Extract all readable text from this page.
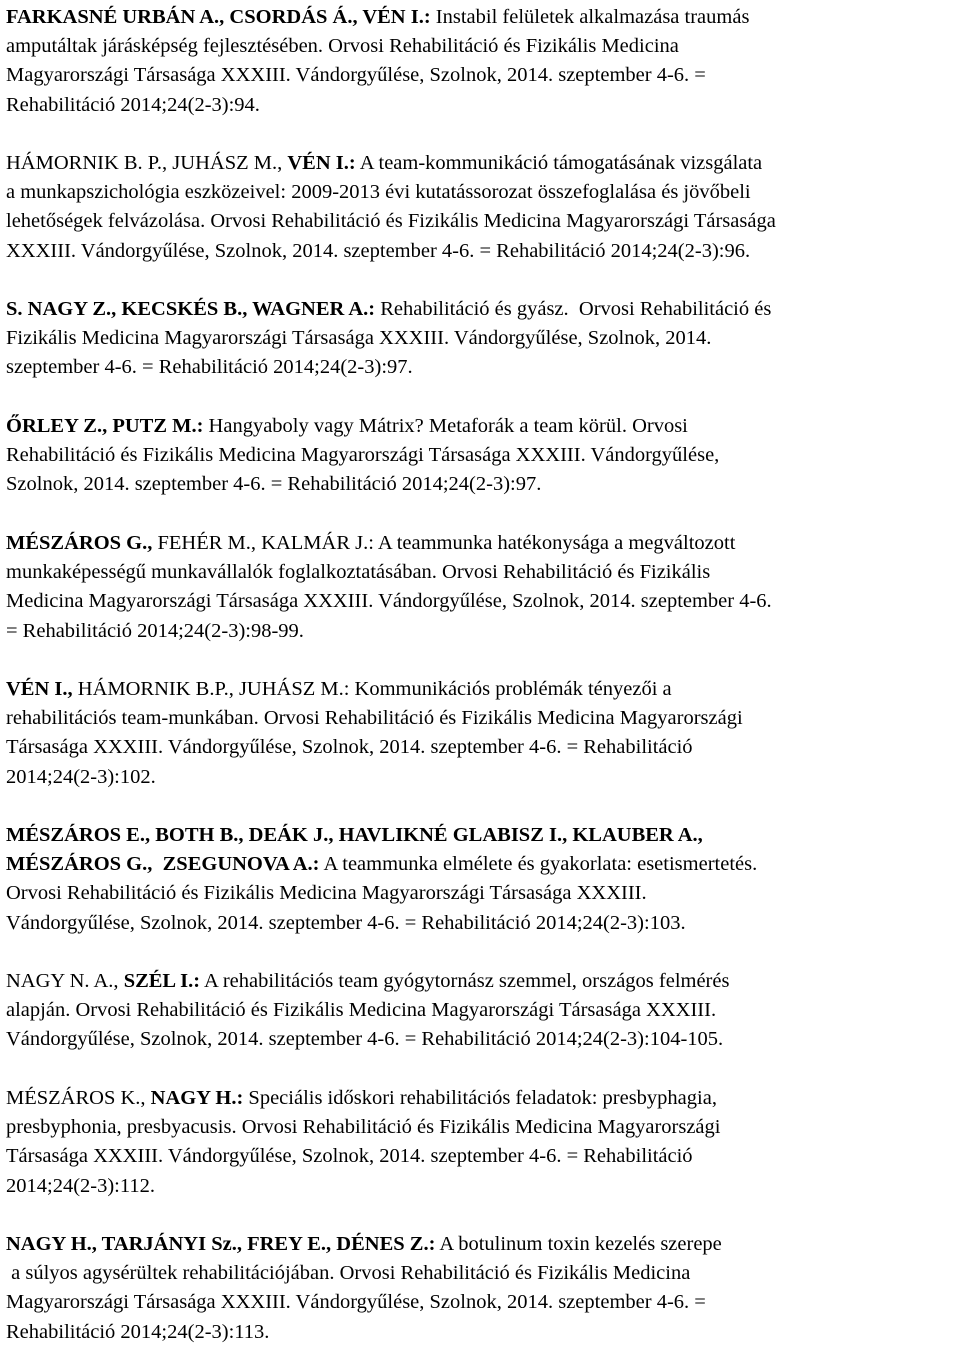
FARKASNÉ URBÁN A., CSORDÁS Á., VÉN I.: Instabil felületek alkalmazása traumás
amputáltak járásképség fejlesztésében. Orvosi Rehabilitáció és Fizikális Medicina
Magyarországi Társasága XXXIII. Vándorgyűlése, Szolnok, 2014. szeptember 4-6. =
Rehabilitáció 2014;24(2-3):94.

HÁMORNIK B. P., JUHÁSZ M., VÉN I.: A team-kommunikáció támogatásának vizsgálata
a munkapszichológia eszközeivel: 2009-2013 évi kutatássorozat összefoglalása és jövőbeli
lehetőségek felvázolása. Orvosi Rehabilitáció és Fizikális Medicina Magyarországi Társasága
XXXIII. Vándorgyűlése, Szolnok, 2014. szeptember 4-6. = Rehabilitáció 2014;24(2-3):96.

S. NAGY Z., KECSKÉS B., WAGNER A.: Rehabilitáció és gyász.  Orvosi Rehabilitáció és
Fizikális Medicina Magyarországi Társasága XXXIII. Vándorgyűlése, Szolnok, 2014.
szeptember 4-6. = Rehabilitáció 2014;24(2-3):97.

ŐRLEY Z., PUTZ M.: Hangyaboly vagy Mátrix? Metaforák a team körül. Orvosi
Rehabilitáció és Fizikális Medicina Magyarországi Társasága XXXIII. Vándorgyűlése,
Szolnok, 2014. szeptember 4-6. = Rehabilitáció 2014;24(2-3):97.

MÉSZÁROS G., FEHÉR M., KALMÁR J.: A teammunka hatékonysága a megváltozott
munkaképességű munkavállalók foglalkoztatásában. Orvosi Rehabilitáció és Fizikális
Medicina Magyarországi Társasága XXXIII. Vándorgyűlése, Szolnok, 2014. szeptember 4-6.
= Rehabilitáció 2014;24(2-3):98-99.

VÉN I., HÁMORNIK B.P., JUHÁSZ M.: Kommunikációs problémák tényezői a
rehabilitációs team-munkában. Orvosi Rehabilitáció és Fizikális Medicina Magyarországi
Társasága XXXIII. Vándorgyűlése, Szolnok, 2014. szeptember 4-6. = Rehabilitáció
2014;24(2-3):102.

MÉSZÁROS E., BOTH B., DEÁK J., HAVLIKNÉ GLABISZ I., KLAUBER A.,
MÉSZÁROS G.,  ZSEGUNOVA A.: A teammunka elmélete és gyakorlata: esetismertetés.
Orvosi Rehabilitáció és Fizikális Medicina Magyarországi Társasága XXXIII.
Vándorgyűlése, Szolnok, 2014. szeptember 4-6. = Rehabilitáció 2014;24(2-3):103.

NAGY N. A., SZÉL I.: A rehabilitációs team gyógytornász szemmel, országos felmérés
alapján. Orvosi Rehabilitáció és Fizikális Medicina Magyarországi Társasága XXXIII.
Vándorgyűlése, Szolnok, 2014. szeptember 4-6. = Rehabilitáció 2014;24(2-3):104-105.

MÉSZÁROS K., NAGY H.: Speciális időskori rehabilitációs feladatok: presbyphagia,
presbyphonia, presbyacusis. Orvosi Rehabilitáció és Fizikális Medicina Magyarországi
Társasága XXXIII. Vándorgyűlése, Szolnok, 2014. szeptember 4-6. = Rehabilitáció
2014;24(2-3):112.

NAGY H., TARJÁNYI Sz., FREY E., DÉNES Z.: A botulinum toxin kezelés szerepe
a súlyos agysérültek rehabilitációjában. Orvosi Rehabilitáció és Fizikális Medicina
Magyarországi Társasága XXXIII. Vándorgyűlése, Szolnok, 2014. szeptember 4-6. =
Rehabilitáció 2014;24(2-3):113.
